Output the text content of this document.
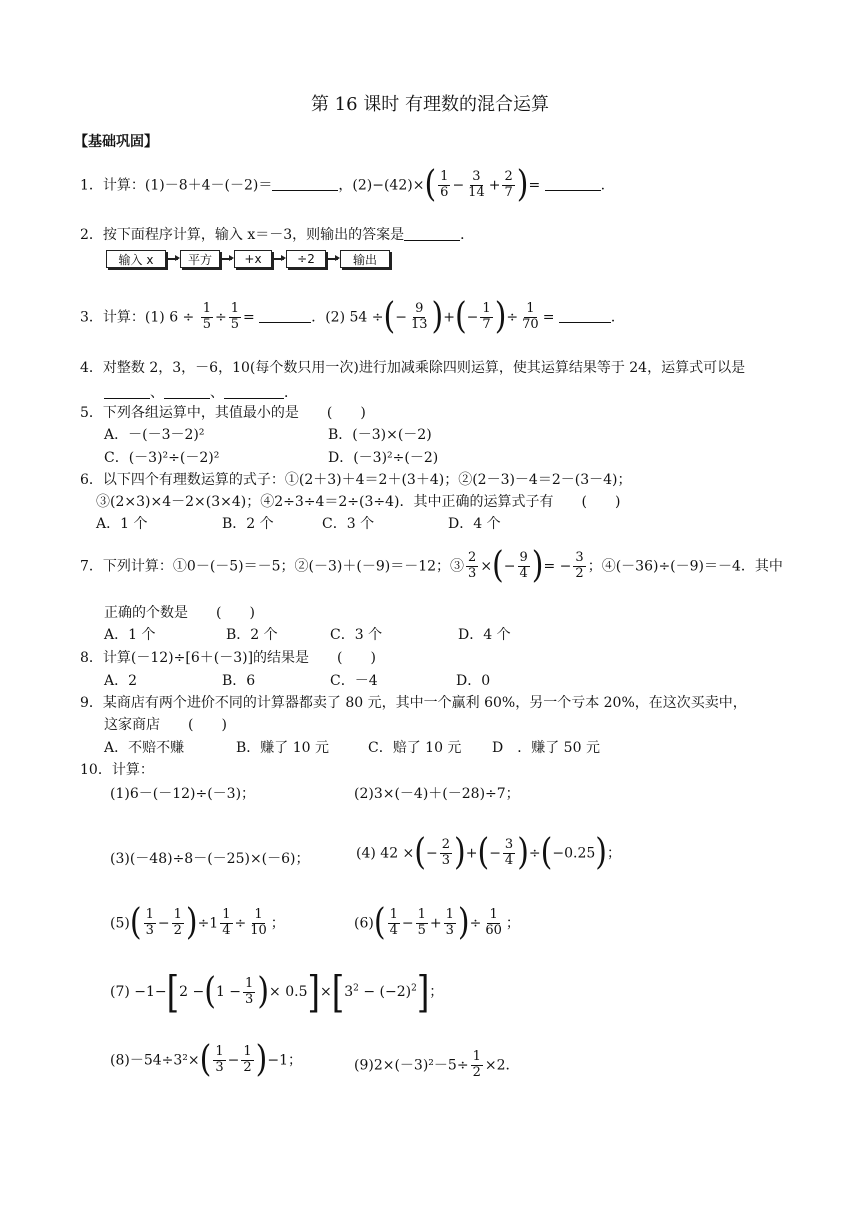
第 16 课时 有理数的混合运算
【基础巩固】
1．计算：(1)－8＋4－(－2)＝	，$(2)-(42)\times( \frac{1}{6} - \frac{3}{14} + \frac{2}{7}$ )=	.
2．按下面程序计算，输入 x＝－3，则输出的答案是	．
输入 x	平方	+x	÷2	输出
3．计算：(1) $6 \div \frac{1}{5} \div \frac{1}{5}$ =	．(2) 54 ÷(− $\frac{9}{13}$ )+(− $\frac{1}{7}$ )÷ $\frac{1}{70}$ =	．
4．对整数 2，3，－6，10(每个数只用一次)进行加减乘除四则运算，使其运算结果等于 24，运算式可以是
、	、	．
5．下列各组运算中，其值最小的是　　(　　)
A．－(－3－2)²	B．(－3)×(－2)
C．(－3)²÷(－2)²	D．(－3)²÷(－2)
6．以下四个有理数运算的式子：①(2＋3)＋4＝2＋(3＋4)；②(2－3)－4＝2－(3－4)；
③(2×3)×4－2×(3×4)；④2÷3÷4＝2÷(3÷4)．其中正确的运算式子有　　(　　)
A．1 个	B．2 个	C．3 个	D．4 个
7．下列计算：①0－(－5)＝－5；②(－3)＋(－9)＝－12；③ $\frac{2}{3}$ ×(− $\frac{9}{4}$ )= − $\frac{3}{2}$ ；④(－36)÷(－9)＝－4．其中
正确的个数是　　(　　)
A．1 个	B．2 个	C．3 个	D．4 个
8．计算(－12)÷[6＋(－3)]的结果是　　(　　)
A．2	B．6	C．－4	D．0
9．某商店有两个进价不同的计算器都卖了 80 元，其中一个赢利 60%，另一个亏本 20%，在这次买卖中，
这家商店　　(　　)
A．不赔不赚	B．赚了 10 元	C．赔了 10 元 D　．赚了 50 元
10．计算：
(1)6－(－12)÷(－3)；	(2)3×(－4)＋(－28)÷7；
(3)(－48)÷8－(－25)×(－6)；	(4) 42 ×(− $\frac{2}{3}$ )+(− $\frac{3}{4} )\div(-0.25)$；
$(5)( \frac{1}{3} - \frac{1}{2} )\div 1 \frac{1}{4} \div \frac{1}{10}$ ；	$(6)( \frac{1}{4} - \frac{1}{5} + \frac{1}{3}$ )÷ $\frac{1}{60}$ ；
$(7) -1-[2 -(1 - \frac{1}{3}$ )× $0.5]\times[3^2 - (-2)^2]$；
$(8)-54\div 3^2\times( \frac{1}{3} - \frac{1}{2} )-1$；	$(9)2\times(-3)^2-5\div \frac{1}{2} \times 2$．
